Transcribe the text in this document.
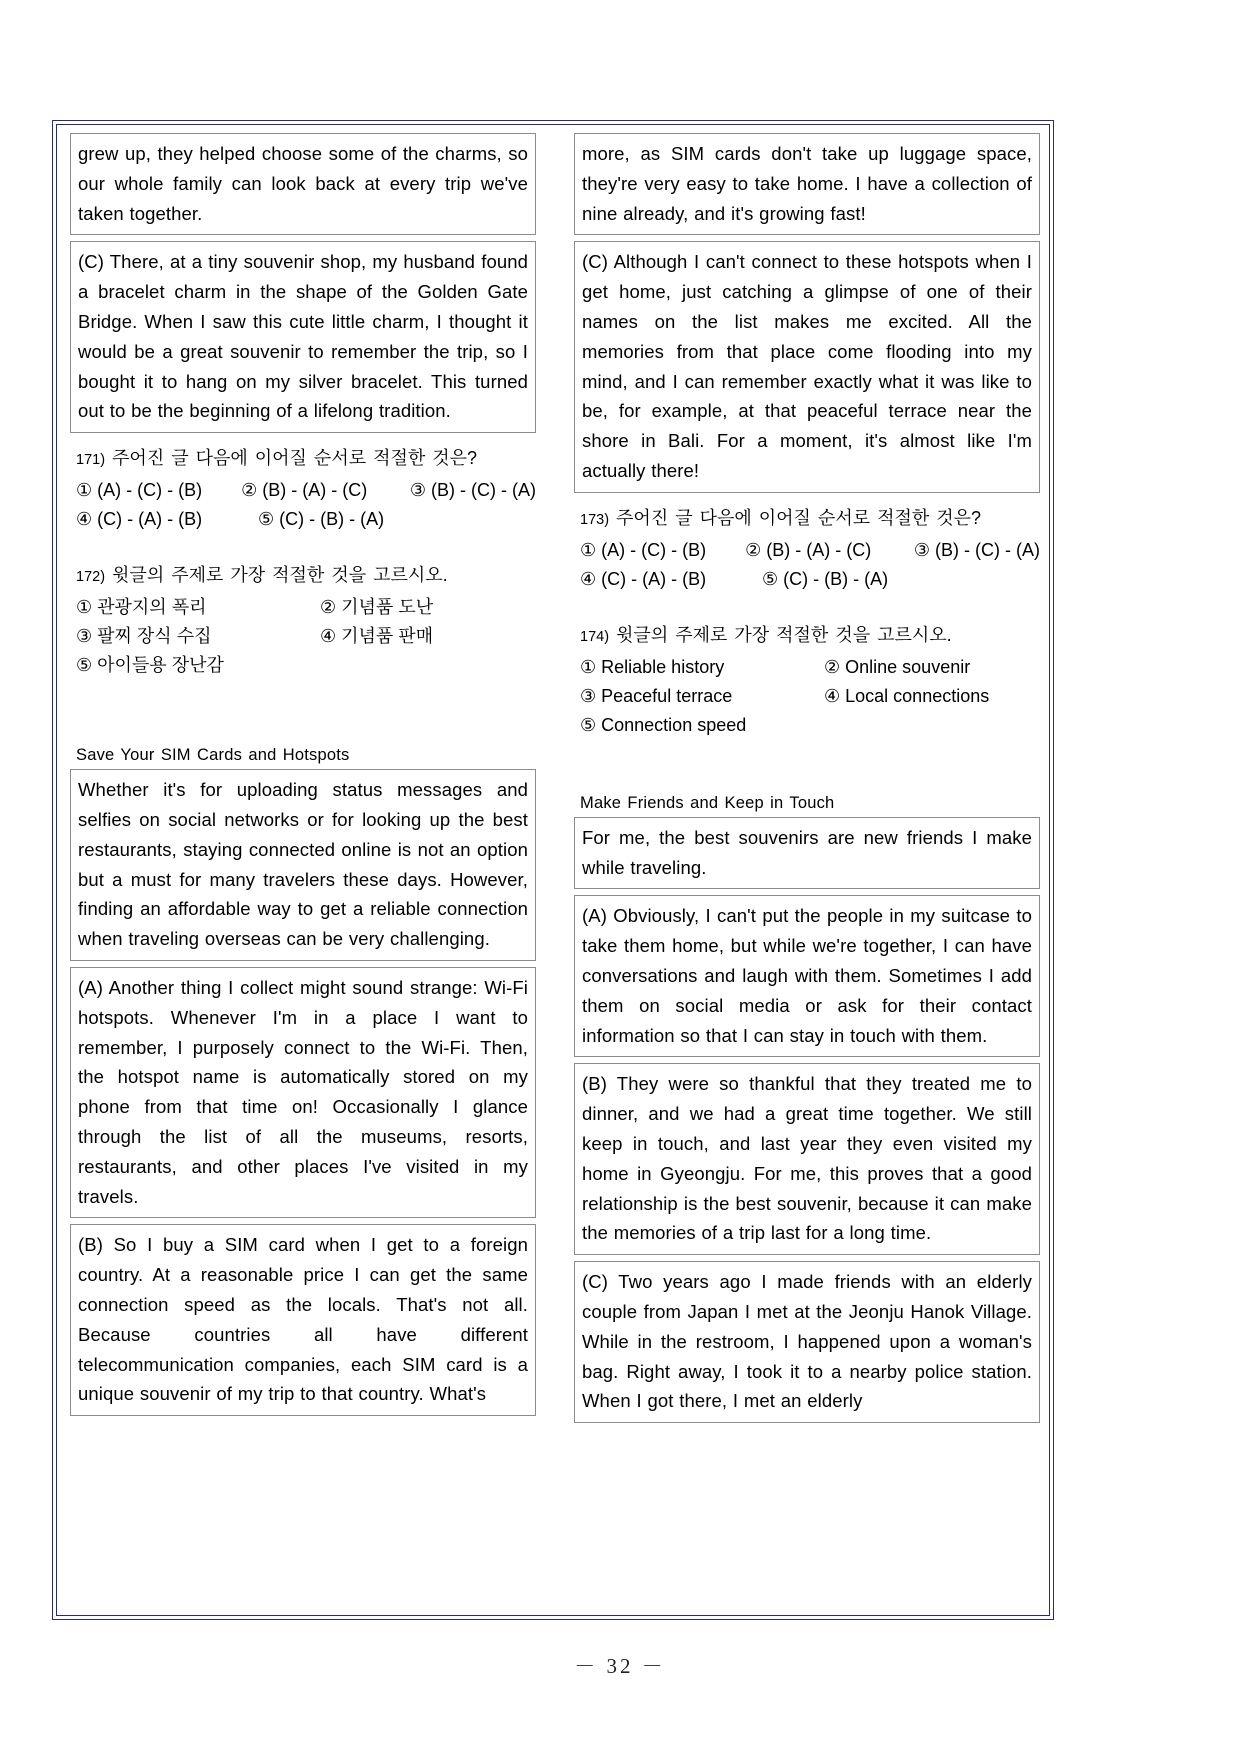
grew up, they helped choose some of the charms, so our whole family can look back at every trip we've taken together.

(C) There, at a tiny souvenir shop, my husband found a bracelet charm in the shape of the Golden Gate Bridge. When I saw this cute little charm, I thought it would be a great souvenir to remember the trip, so I bought it to hang on my silver bracelet. This turned out to be the beginning of a lifelong tradition.

171) 주어진 글 다음에 이어질 순서로 적절한 것은?
① (A) - (C) - (B)	② (B) - (A) - (C)	③ (B) - (C) - (A)
④ (C) - (A) - (B)	⑤ (C) - (B) - (A)
172) 윗글의 주제로 가장 적절한 것을 고르시오.
① 관광지의 폭리	② 기념품 도난
③ 팔찌 장식 수집	④ 기념품 판매
⑤ 아이들용 장난감
Save Your SIM Cards and Hotspots

Whether it's for uploading status messages and selfies on social networks or for looking up the best restaurants, staying connected online is not an option but a must for many travelers these days. However, finding an affordable way to get a reliable connection when traveling overseas can be very challenging.

(A) Another thing I collect might sound strange: Wi-Fi hotspots. Whenever I'm in a place I want to remember, I purposely connect to the Wi-Fi. Then, the hotspot name is automatically stored on my phone from that time on! Occasionally I glance through the list of all the museums, resorts, restaurants, and other places I've visited in my travels.

(B) So I buy a SIM card when I get to a foreign country. At a reasonable price I can get the same connection speed as the locals. That's not all. Because countries all have different telecommunication companies, each SIM card is a unique souvenir of my trip to that country. What's

more, as SIM cards don't take up luggage space, they're very easy to take home. I have a collection of nine already, and it's growing fast!

(C) Although I can't connect to these hotspots when I get home, just catching a glimpse of one of their names on the list makes me excited. All the memories from that place come flooding into my mind, and I can remember exactly what it was like to be, for example, at that peaceful terrace near the shore in Bali. For a moment, it's almost like I'm actually there!

173) 주어진 글 다음에 이어질 순서로 적절한 것은?
① (A) - (C) - (B)	② (B) - (A) - (C)	③ (B) - (C) - (A)
④ (C) - (A) - (B)	⑤ (C) - (B) - (A)
174) 윗글의 주제로 가장 적절한 것을 고르시오.
① Reliable history	② Online souvenir
③ Peaceful terrace	④ Local connections
⑤ Connection speed
Make Friends and Keep in Touch

For me, the best souvenirs are new friends I make while traveling.

(A) Obviously, I can't put the people in my suitcase to take them home, but while we're together, I can have conversations and laugh with them. Sometimes I add them on social media or ask for their contact information so that I can stay in touch with them.

(B) They were so thankful that they treated me to dinner, and we had a great time together. We still keep in touch, and last year they even visited my home in Gyeongju. For me, this proves that a good relationship is the best souvenir, because it can make the memories of a trip last for a long time.

(C) Two years ago I made friends with an elderly couple from Japan I met at the Jeonju Hanok Village. While in the restroom, I happened upon a woman's bag. Right away, I took it to a nearby police station. When I got there, I met an elderly

－ 32 －
